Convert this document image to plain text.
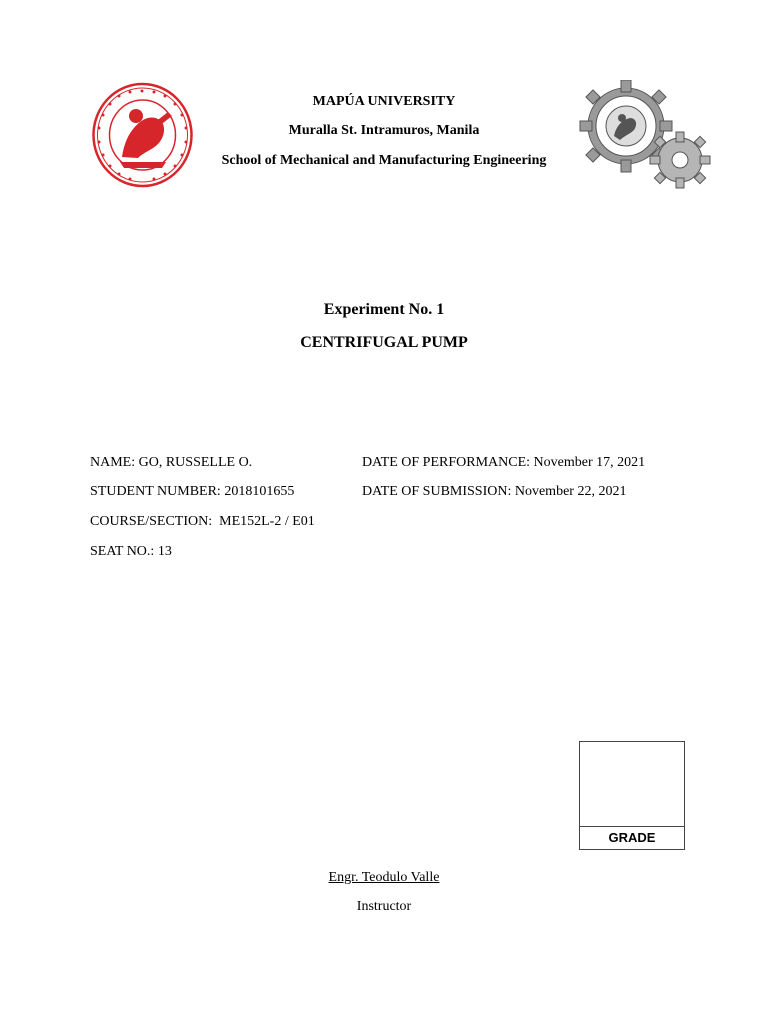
MAPÚA UNIVERSITY
Muralla St. Intramuros, Manila
School of Mechanical and Manufacturing Engineering
Experiment No. 1
CENTRIFUGAL PUMP
NAME: GO, RUSSELLE O.
STUDENT NUMBER: 2018101655
COURSE/SECTION: ME152L-2 / E01
SEAT NO.: 13
DATE OF PERFORMANCE: November 17, 2021
DATE OF SUBMISSION: November 22, 2021
GRADE
Engr. Teodulo Valle
Instructor
